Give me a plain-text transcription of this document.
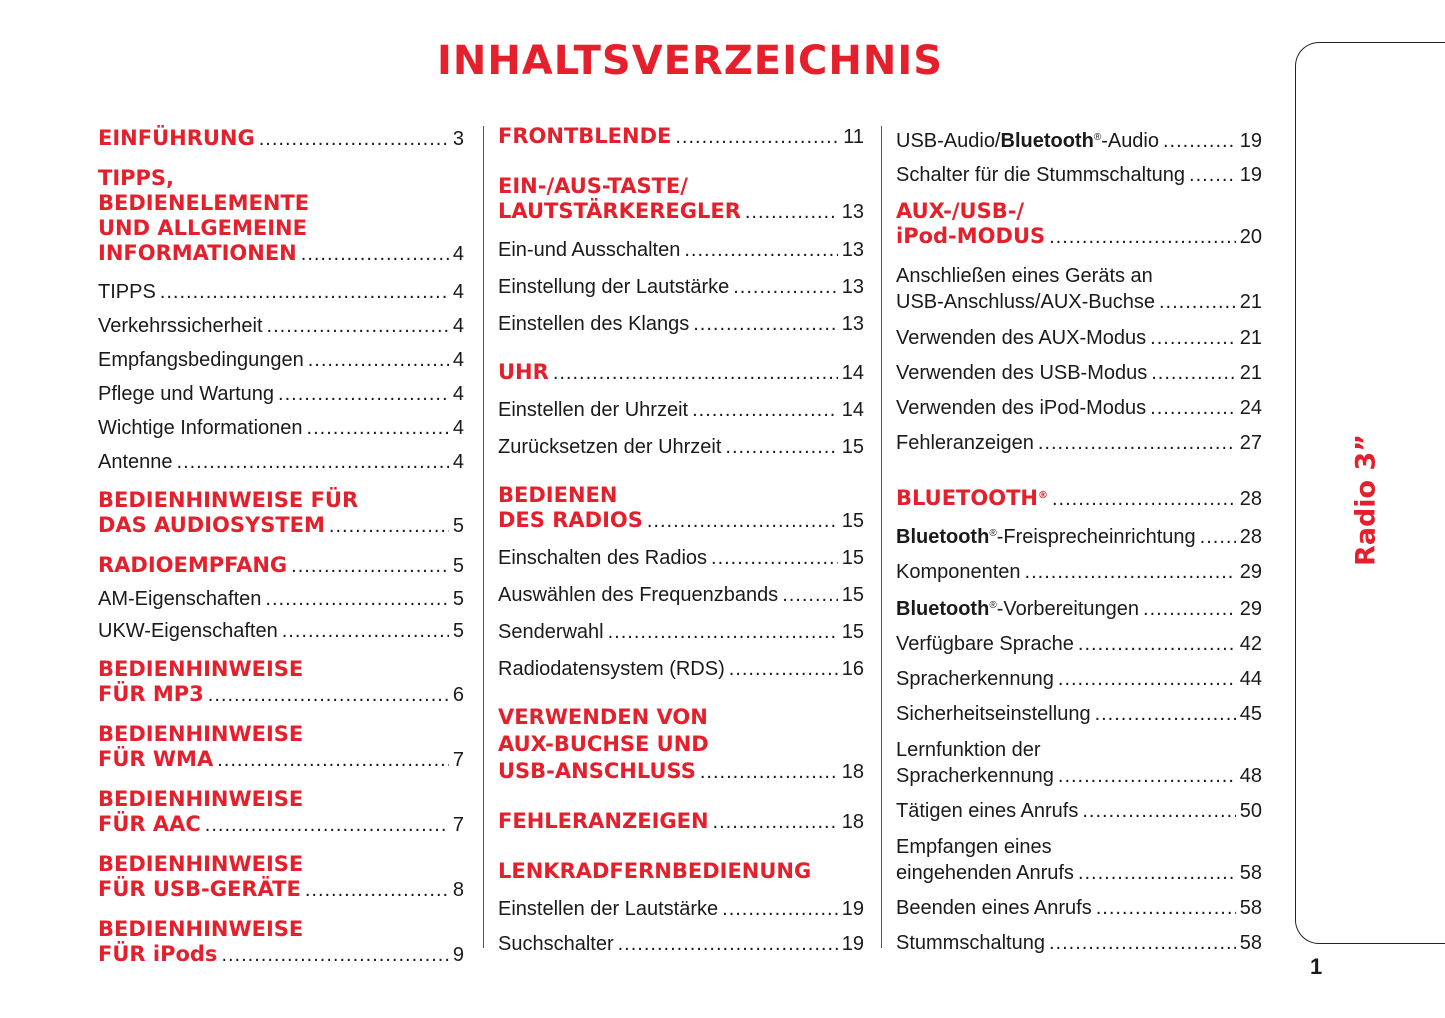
INHALTSVERZEICHNIS
EINFÜHRUNG .....	3
TIPPS,
BEDIENELEMENTE
UND ALLGEMEINE
INFORMATIONEN .....	4
TIPPS .....	4
Verkehrssicherheit .....	4
Empfangsbedingungen .....	4
Pflege und Wartung .....	4
Wichtige Informationen .....	4
Antenne .....	4
BEDIENHINWEISE FÜR
DAS AUDIOSYSTEM .....	5
RADIOEMPFANG .....	5
AM-Eigenschaften .....	5
UKW-Eigenschaften .....	5
BEDIENHINWEISE
FÜR MP3 .....	6
BEDIENHINWEISE
FÜR WMA .....	7
BEDIENHINWEISE
FÜR AAC .....	7
BEDIENHINWEISE
FÜR USB-GERÄTE .....	8
BEDIENHINWEISE
FÜR iPods .....	9
FRONTBLENDE .....	11
EIN-/AUS-TASTE/
LAUTSTÄRKEREGLER .....	13
Ein-und Ausschalten .....	13
Einstellung der Lautstärke .....	13
Einstellen des Klangs .....	13
UHR .....	14
Einstellen der Uhrzeit .....	14
Zurücksetzen der Uhrzeit .....	15
BEDIENEN
DES RADIOS .....	15
Einschalten des Radios .....	15
Auswählen des Frequenzbands .....	15
Senderwahl .....	15
Radiodatensystem (RDS) .....	16
VERWENDEN VON
AUX-BUCHSE UND
USB-ANSCHLUSS .....	18
FEHLERANZEIGEN .....	18
LENKRADFERNBEDIENUNG
Einstellen der Lautstärke .....	19
Suchschalter .....	19
USB-Audio/Bluetooth®-Audio .....	19
Schalter für die Stummschaltung .....	19
AUX-/USB-/
iPod-MODUS .....	20
Anschließen eines Geräts an
USB-Anschluss/AUX-Buchse .....	21
Verwenden des AUX-Modus .....	21
Verwenden des USB-Modus .....	21
Verwenden des iPod-Modus .....	24
Fehleranzeigen .....	27
BLUETOOTH® .....	28
Bluetooth®-Freisprecheinrichtung ..... 28
Komponenten .....	29
Bluetooth®-Vorbereitungen .....	29
Verfügbare Sprache .....	42
Spracherkennung .....	44
Sicherheitseinstellung .....	45
Lernfunktion der
Spracherkennung .....	48
Tätigen eines Anrufs .....	50
Empfangen eines
eingehenden Anrufs .....	58
Beenden eines Anrufs .....	58
Stummschaltung .....	58
Radio 3”
1
